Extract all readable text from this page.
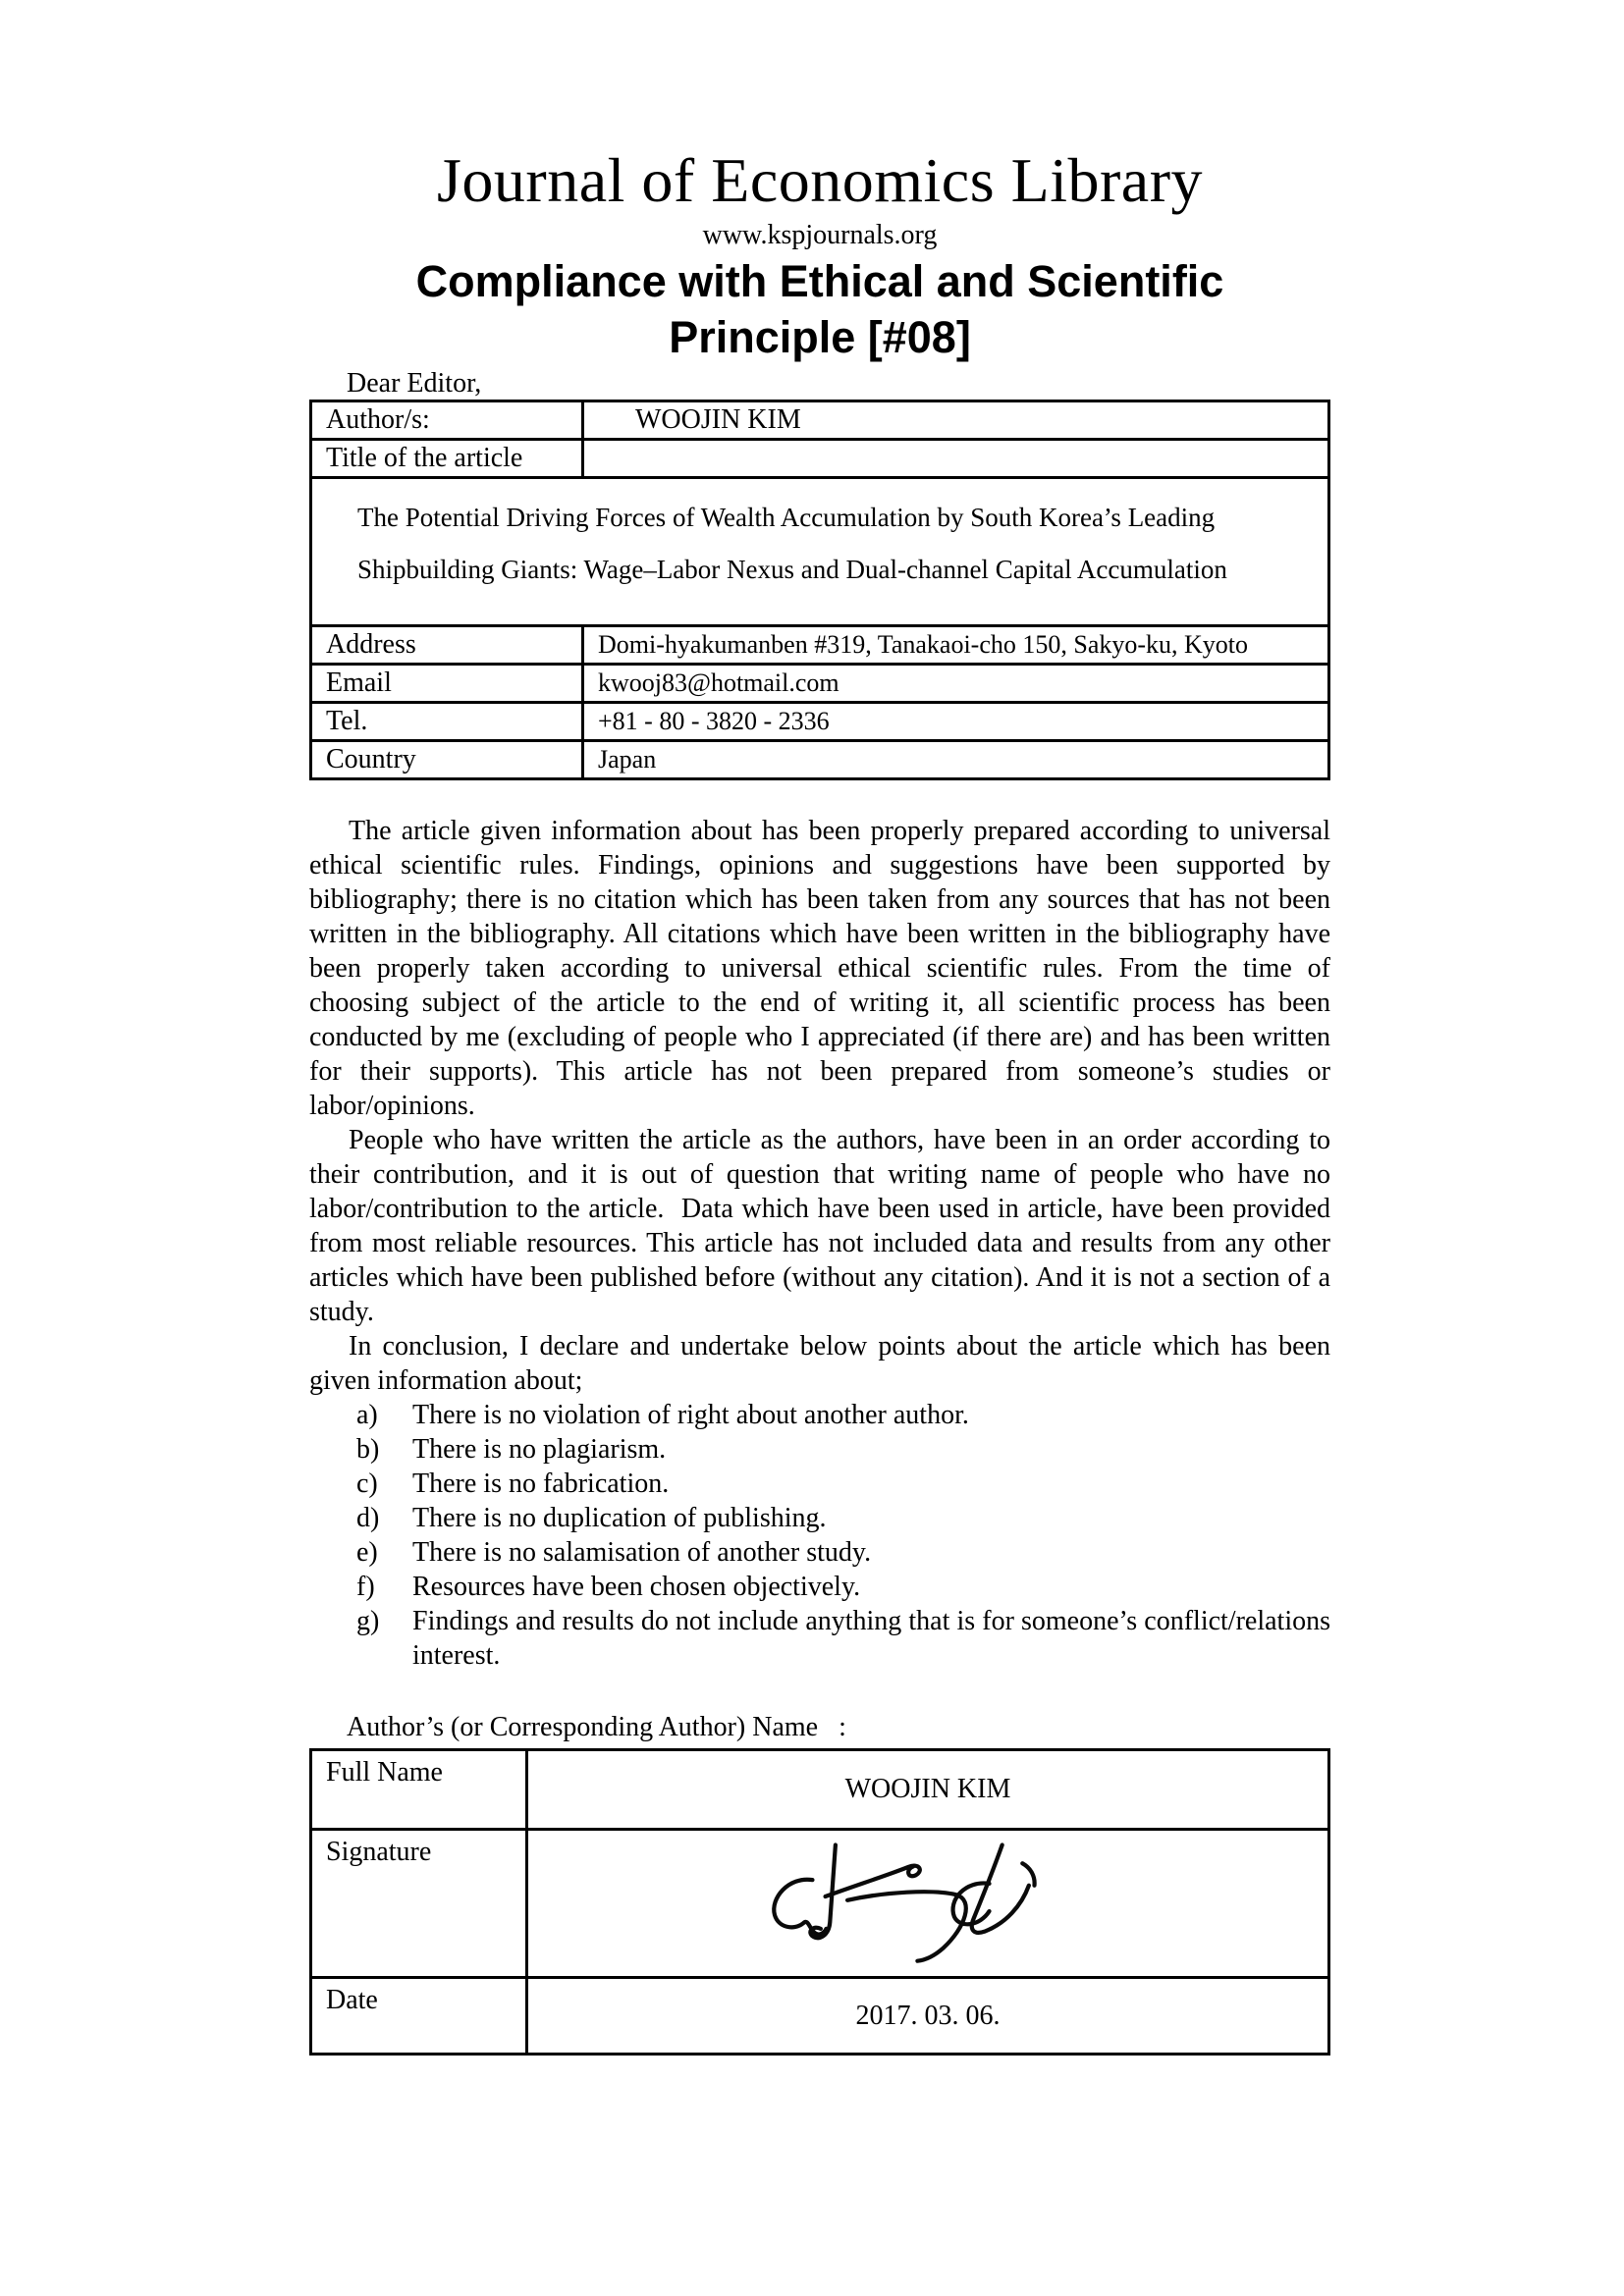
Journal of Economics Library
www.kspjournals.org
Compliance with Ethical and Scientific
Principle [#08]
Dear Editor,
Author/s:	WOOJIN KIM
Title of the article	

The Potential Driving Forces of Wealth Accumulation by South Korea’s Leading
Shipbuilding Giants: Wage–Labor Nexus and Dual-channel Capital Accumulation	

Address	Domi-hyakumanben #319, Tanakaoi-cho 150, Sakyo-ku, Kyoto
Email	kwooj83@hotmail.com
Tel.	+81 - 80 - 3820 - 2336
Country	Japan

The article given information about has been properly prepared according to universal ethical scientific rules. Findings, opinions and suggestions have been supported by bibliography; there is no citation which has been taken from any sources that has not been written in the bibliography. All citations which have been written in the bibliography have been properly taken according to universal ethical scientific rules. From the time of choosing subject of the article to the end of writing it, all scientific process has been conducted by me (excluding of people who I appreciated (if there are) and has been written for their supports). This article has not been prepared from someone’s studies or labor/opinions.

People who have written the article as the authors, have been in an order according to their contribution, and it is out of question that writing name of people who have no labor/contribution to the article.  Data which have been used in article, have been provided from most reliable resources. This article has not included data and results from any other articles which have been published before (without any citation). And it is not a section of a study.

In conclusion, I declare and undertake below points about the article which has been given information about;

a)	There is no violation of right about another author.
b)	There is no plagiarism.
c)	There is no fabrication.
d)	There is no duplication of publishing.
e)	There is no salamisation of another study.
f)	Resources have been chosen objectively.
g)	Findings and results do not include anything that is for someone’s conflict/relations interest.
Author’s (or Corresponding Author) Name   :
Full Name	WOOJIN KIM
Signature	

Date	2017. 03. 06.
